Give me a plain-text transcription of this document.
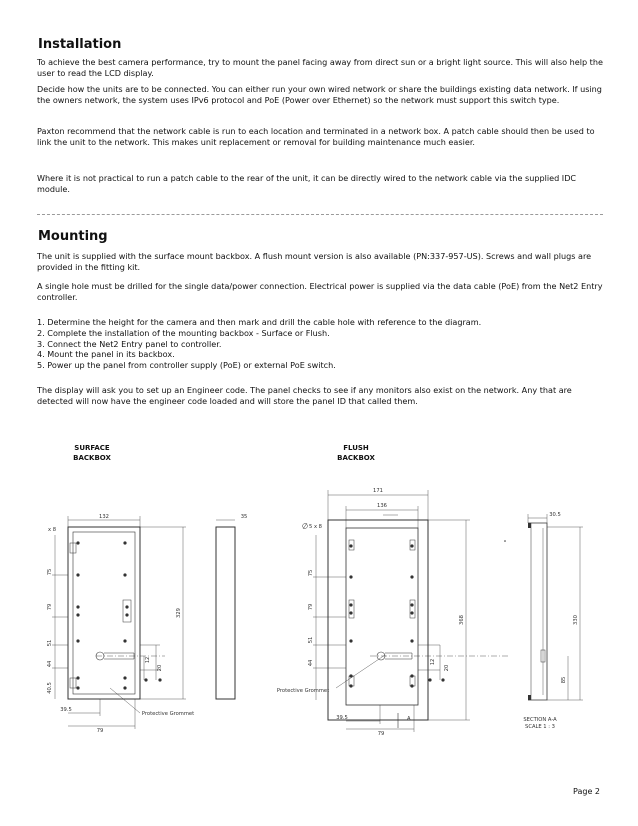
Installation

To achieve the best camera performance, try to mount the panel facing away from direct sun or a bright light source. This will also help the user to read the LCD display.

Decide how the units are to be connected. You can either run your own wired network or share the buildings existing data network. If using the owners network, the system uses IPv6 protocol and PoE (Power over Ethernet) so the network must support this switch type.

Paxton recommend that the network cable is run to each location and terminated in a network box. A patch cable should then be used to link the unit to the network. This makes unit replacement or removal for building maintenance much easier.

Where it is not practical to run a patch cable to the rear of the unit, it can be directly wired to the network cable via the supplied IDC module.

Mounting

The unit is supplied with the surface mount backbox. A flush mount version is also available (PN:337-957-US). Screws and wall plugs are provided in the fitting kit.

A single hole must be drilled for the single data/power connection. Electrical power is supplied via the data cable (PoE) from the Net2 Entry controller.

1. Determine the height for the camera and then mark and drill the cable hole with reference to the diagram.
2. Complete the installation of the mounting backbox - Surface or Flush.
3. Connect the Net2 Entry panel to controller.
4. Mount the panel in its backbox.
5. Power up the panel from controller supply (PoE) or external PoE switch.

The display will ask you to set up an Engineer code. The panel checks to see if any monitors also exist on the network. Any that are detected will now have the engineer code loaded and will store the panel ID that called them.

SURFACE
BACKBOX
FLUSH
BACKBOX
132
x 8
35
329
75
79
51
44
40.5
39.5
79
12
20
Protective Grommet
171
136
5 x 8
368
75
79
51
44
39.5
79
12
20
Protective Grommet
A
30.5
330
85
SECTION A-A
SCALE 1 : 3
Page 2
